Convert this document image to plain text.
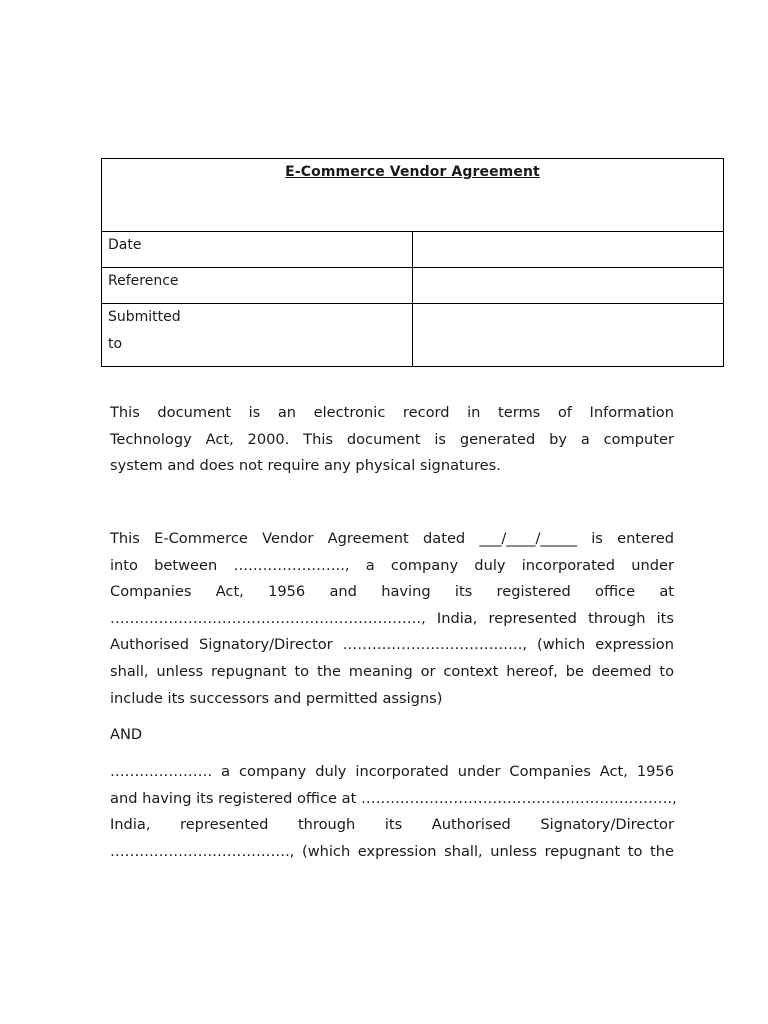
E-Commerce Vendor Agreement	
Date	
Reference	

Submitted to	

This document is an electronic record in terms of Information
Technology Act, 2000. This document is generated by a computer
system and does not require any physical signatures.
This E-Commerce Vendor Agreement dated ___/____/_____ is entered
into between ………………….., a company duly incorporated under
Companies Act, 1956 and having its registered office at
………………………………………………………., India, represented through its
Authorised Signatory/Director ………………………………., (which expression
shall, unless repugnant to the meaning or context hereof, be deemed to
include its successors and permitted assigns)
AND
………………… a company duly incorporated under Companies Act, 1956
and having its registered office at ……………………………………………………….,
India, represented through its Authorised Signatory/Director
………………………………., (which expression shall, unless repugnant to the
